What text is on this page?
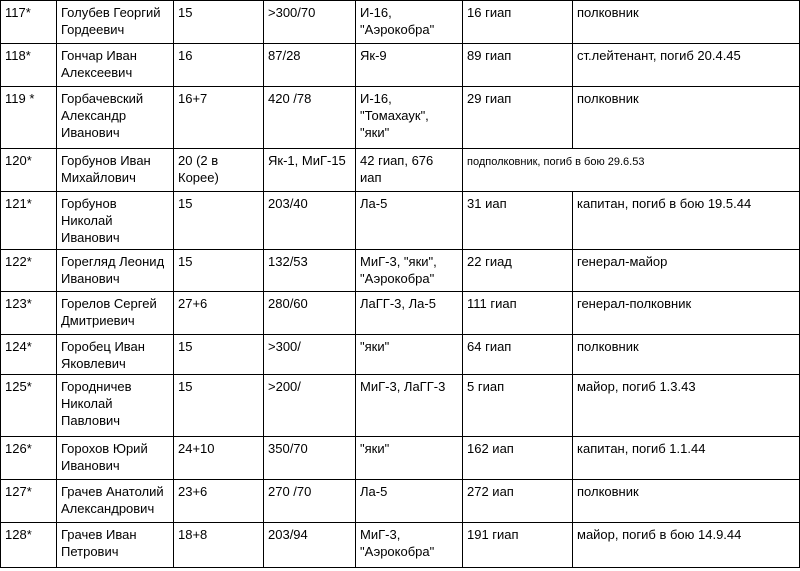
117*	Голубев Георгий
Гордеевич	15	>300/70	И-16,
"Аэрокобра"	16 гиап	полковник
118*	Гончар Иван
Алексеевич	16	87/28	Як-9	89 гиап	ст.лейтенант, погиб 20.4.45
119 *	Горбачевский
Александр
Иванович	16+7	420 /78	И-16,
"Томахаук",
"яки"	29 гиап	полковник
120*	Горбунов Иван
Михайлович	20 (2 в
Корее)	Як-1, МиГ-15	42 гиап, 676
иап	подполковник, погиб в бою 29.6.53	
121*	Горбунов
Николай
Иванович	15	203/40	Ла-5	31 иап	капитан, погиб в бою 19.5.44
122*	Горегляд Леонид
Иванович	15	132/53	МиГ-3, "яки",
"Аэрокобра"	22 гиад	генерал-майор
123*	Горелов Сергей
Дмитриевич	27+6	280/60	ЛаГГ-3, Ла-5	111 гиап	генерал-полковник
124*	Горобец Иван
Яковлевич	15	>300/	"яки"	64 гиап	полковник
125*	Городничев
Николай
Павлович	15	>200/	МиГ-3, ЛаГГ-3	5 гиап	майор, погиб 1.3.43
126*	Горохов Юрий
Иванович	24+10	350/70	"яки"	162 иап	капитан, погиб 1.1.44
127*	Грачев Анатолий
Александрович	23+6	270 /70	Ла-5	272 иап	полковник
128*	Грачев Иван
Петрович	18+8	203/94	МиГ-3,
"Аэрокобра"	191 гиап	майор, погиб в бою 14.9.44
